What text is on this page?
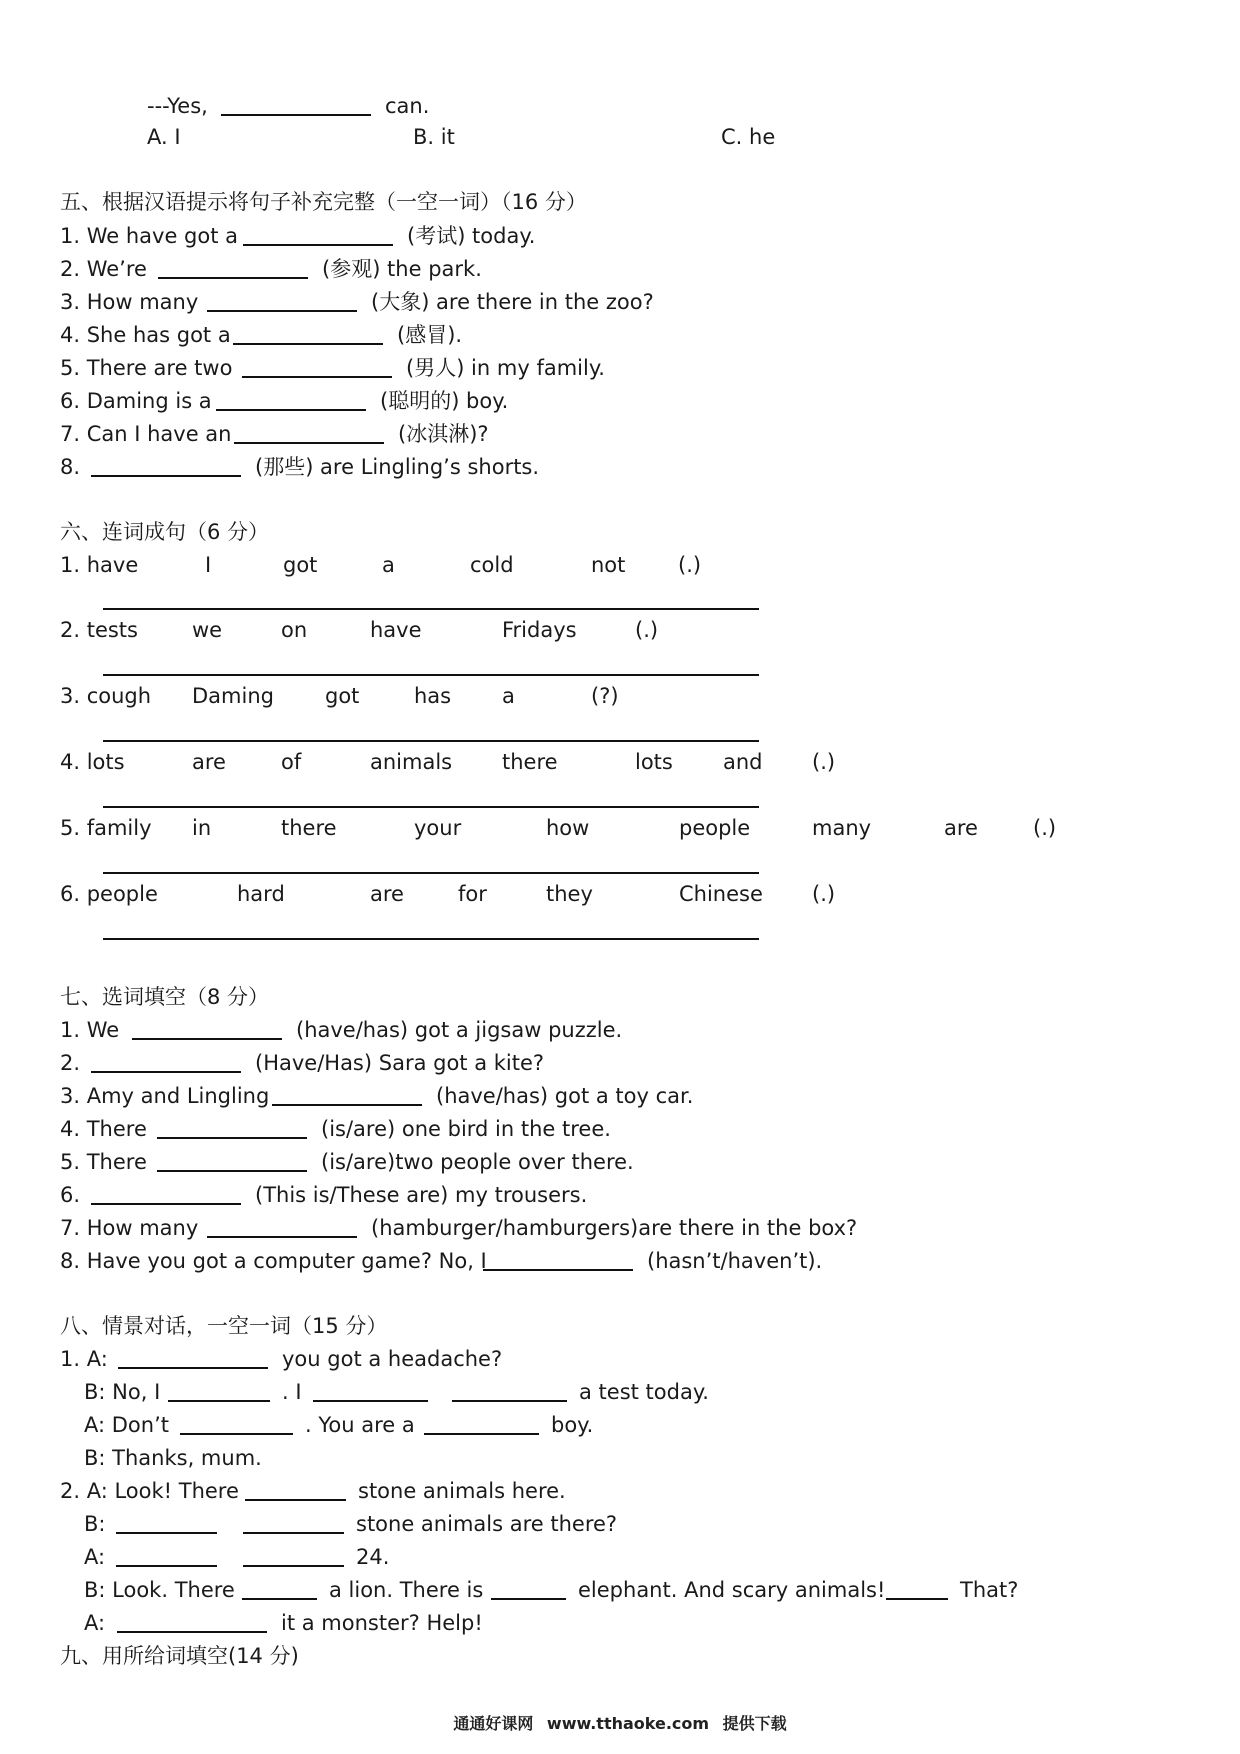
---Yes,	can.
A. I	B. it	C. he
五、根据汉语提示将句子补充完整（一空一词）（16 分）
1. We have got a	(考试) today.
2. We’re	(参观) the park.
3. How many	(大象) are there in the zoo?
4. She has got a	(感冒).
5. There are two	(男人) in my family.
6. Daming is a	(聪明的) boy.
7. Can I have an	(冰淇淋)?
8.	(那些) are Lingling’s shorts.
六、连词成句（6 分）
1. have	I	got	a	cold	not	(.)
2. tests	we	on	have	Fridays	(.)
3. cough Daming got	has a	(?)
4. lots	are	of	animals there	lots and (.)
5. family in	there	your	how	people	many	are	(.)
6. people	hard	are	for	they	Chinese (.)
七、选词填空（8 分）
1. We	(have/has) got a jigsaw puzzle.
2.	(Have/Has) Sara got a kite?
3. Amy and Lingling	(have/has) got a toy car.
4. There	(is/are) one bird in the tree.
5. There	(is/are)two people over there.
6.	(This is/These are) my trousers.
7. How many	(hamburger/hamburgers)are there in the box?
8. Have you got a computer game? No, I	(hasn’t/haven’t).
八、情景对话，一空一词（15 分）
1. A:	you got a headache?
B: No, I	. I	a test today.
A: Don’t	. You are a	boy.
B: Thanks, mum.
2. A: Look! There	stone animals here.
B:	stone animals are there?
A:	24.
B: Look. There	a lion. There is	elephant. And scary animals!	That?
A:	it a monster? Help!
九、用所给词填空(14 分)
通通好课网 www.tthaoke.com 提供下载
